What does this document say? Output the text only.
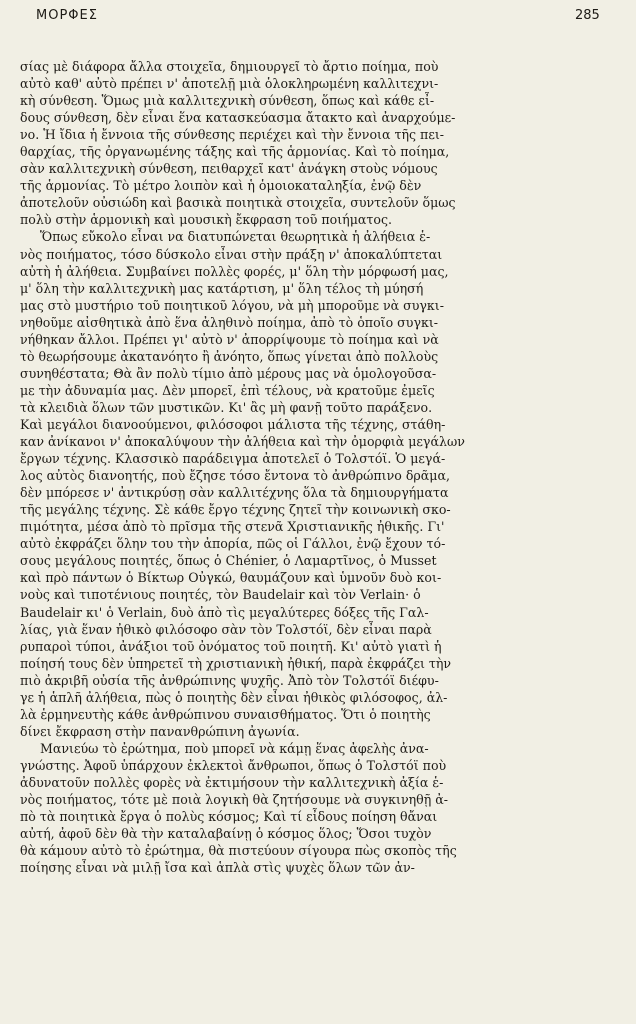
ΜΟΡΦΕΣ	285
σίας μὲ διάφορα ἄλλα στοιχεῖα, δημιουργεῖ τὸ ἄρτιο ποίημα, ποὺ
αὐτὸ καθ' αὐτὸ πρέπει ν' ἀποτελῇ μιὰ ὁλοκληρωμένη καλλιτεχνι-
κὴ σύνθεση. Ὅμως μιὰ καλλιτεχνικὴ σύνθεση, ὅπως καὶ κάθε εἶ-
δους σύνθεση, δὲν εἶναι ἕνα κατασκεύασμα ἄτακτο καὶ ἀναρχούμε-
νο. Ἡ ἴδια ἡ ἔννοια τῆς σύνθεσης περιέχει καὶ τὴν ἔννοια τῆς πει-
θαρχίας, τῆς ὀργανωμένης τάξης καὶ τῆς ἁρμονίας. Καὶ τὸ ποίημα,
σὰν καλλιτεχνικὴ σύνθεση, πειθαρχεῖ κατ' ἀνάγκη στοὺς νόμους
τῆς ἁρμονίας. Τὸ μέτρο λοιπὸν καὶ ἡ ὁμοιοκαταληξία, ἐνῷ δὲν
ἀποτελοῦν οὐσιώδη καὶ βασικὰ ποιητικὰ στοιχεῖα, συντελοῦν ὅμως
πολὺ στὴν ἁρμονικὴ καὶ μουσικὴ ἔκφραση τοῦ ποιήματος.
Ὅπως εὔκολο εἶναι να διατυπώνεται θεωρητικὰ ἡ ἀλήθεια ἑ-
νὸς ποιήματος, τόσο δύσκολο εἶναι στὴν πράξη ν' ἀποκαλύπτεται
αὐτὴ ἡ ἀλήθεια. Συμβαίνει πολλὲς φορές, μ' ὅλη τὴν μόρφωσή μας,
μ' ὅλη τὴν καλλιτεχνικὴ μας κατάρτιση, μ' ὅλη τέλος τὴ μύησή
μας στὸ μυστήριο τοῦ ποιητικοῦ λόγου, νὰ μὴ μποροῦμε νὰ συγκι-
νηθοῦμε αἰσθητικὰ ἀπὸ ἕνα ἀληθινὸ ποίημα, ἀπὸ τὸ ὁποῖο συγκι-
νήθηκαν ἄλλοι. Πρέπει γι' αὐτὸ ν' ἀπορρίψουμε τὸ ποίημα καὶ νὰ
τὸ θεωρήσουμε ἀκατανόητο ἢ ἀνόητο, ὅπως γίνεται ἀπὸ πολλοὺς
συνηθέστατα; Θὰ ἂν πολὺ τίμιο ἀπὸ μέρους μας νὰ ὁμολογοῦσα-
με τὴν ἀδυναμία μας. Δὲν μπορεῖ, ἐπὶ τέλους, νὰ κρατοῦμε ἐμεῖς
τὰ κλειδιὰ ὅλων τῶν μυστικῶν. Κι' ἂς μὴ φανῇ τοῦτο παράξενο.
Καὶ μεγάλοι διανοούμενοι, φιλόσοφοι μάλιστα τῆς τέχνης, στάθη-
καν ἀνίκανοι ν' ἀποκαλύψουν τὴν ἀλήθεια καὶ τὴν ὀμορφιὰ μεγάλων
ἔργων τέχνης. Κλασσικὸ παράδειγμα ἀποτελεῖ ὁ Τολστόϊ. Ὁ μεγά-
λος αὐτὸς διανοητής, ποὺ ἔζησε τόσο ἔντονα τὸ ἀνθρώπινο δρᾶμα,
δὲν μπόρεσε ν' ἀντικρύσῃ σὰν καλλιτέχνης ὅλα τὰ δημιουργήματα
τῆς μεγάλης τέχνης. Σὲ κάθε ἔργο τέχνης ζητεῖ τὴν κοινωνικὴ σκο-
πιμότητα, μέσα ἀπὸ τὸ πρῖσμα τῆς στενᾶ Χριστιανικῆς ἠθικῆς. Γι'
αὐτὸ ἐκφράζει ὅλην του τὴν ἀπορία, πῶς οἱ Γάλλοι, ἐνῷ ἔχουν τό-
σους μεγάλους ποιητές, ὅπως ὁ Chénier, ὁ Λαμαρτῖνος, ὁ Musset
καὶ πρὸ πάντων ὁ Βίκτωρ Οὐγκώ, θαυμάζουν καὶ ὑμνοῦν δυὸ κοι-
νοὺς καὶ τιποτένιους ποιητές, τὸν Baudelair καὶ τὸν Verlain· ὁ
Baudelair κι' ὁ Verlain, δυὸ ἀπὸ τὶς μεγαλύτερες δόξες τῆς Γαλ-
λίας, γιὰ ἕναν ἠθικὸ φιλόσοφο σὰν τὸν Τολστόϊ, δὲν εἶναι παρὰ
ρυπαροὶ τύποι, ἀνάξιοι τοῦ ὀνόματος τοῦ ποιητῆ. Κι' αὐτὸ γιατὶ ἡ
ποίησή τους δὲν ὑπηρετεῖ τὴ χριστιανικὴ ἠθική, παρὰ ἐκφράζει τὴν
πιὸ ἀκριβῆ οὐσία τῆς ἀνθρώπινης ψυχῆς. Ἀπὸ τὸν Τολστόϊ διέφυ-
γε ἡ ἁπλῆ ἀλήθεια, πὼς ὁ ποιητὴς δὲν εἶναι ἠθικὸς φιλόσοφος, ἀλ-
λὰ ἑρμηνευτὴς κάθε ἀνθρώπινου συναισθήματος. Ὅτι ὁ ποιητὴς
δίνει ἔκφραση στὴν πανανθρώπινη ἀγωνία.
Μανιεύω τὸ ἐρώτημα, ποὺ μπορεῖ νὰ κάμῃ ἕνας ἀφελὴς ἀνα-
γνώστης. Ἀφοῦ ὑπάρχουν ἐκλεκτοὶ ἄνθρωποι, ὅπως ὁ Τολστόϊ ποὺ
ἀδυνατοῦν πολλὲς φορὲς νὰ ἐκτιμήσουν τὴν καλλιτεχνικὴ ἀξία ἑ-
νὸς ποιήματος, τότε μὲ ποιὰ λογικὴ θὰ ζητήσουμε νὰ συγκινηθῇ ἀ-
πὸ τὰ ποιητικὰ ἔργα ὁ πολὺς κόσμος; Καὶ τί εἶδους ποίηση θἄναι
αὐτή, ἀφοῦ δὲν θὰ τὴν καταλαβαίνῃ ὁ κόσμος ὅλος; Ὅσοι τυχὸν
θὰ κάμουν αὐτὸ τὸ ἐρώτημα, θὰ πιστεύουν σίγουρα πὼς σκοπὸς τῆς
ποίησης εἶναι νὰ μιλῇ ἴσα καὶ ἁπλὰ στὶς ψυχὲς ὅλων τῶν ἀν-
